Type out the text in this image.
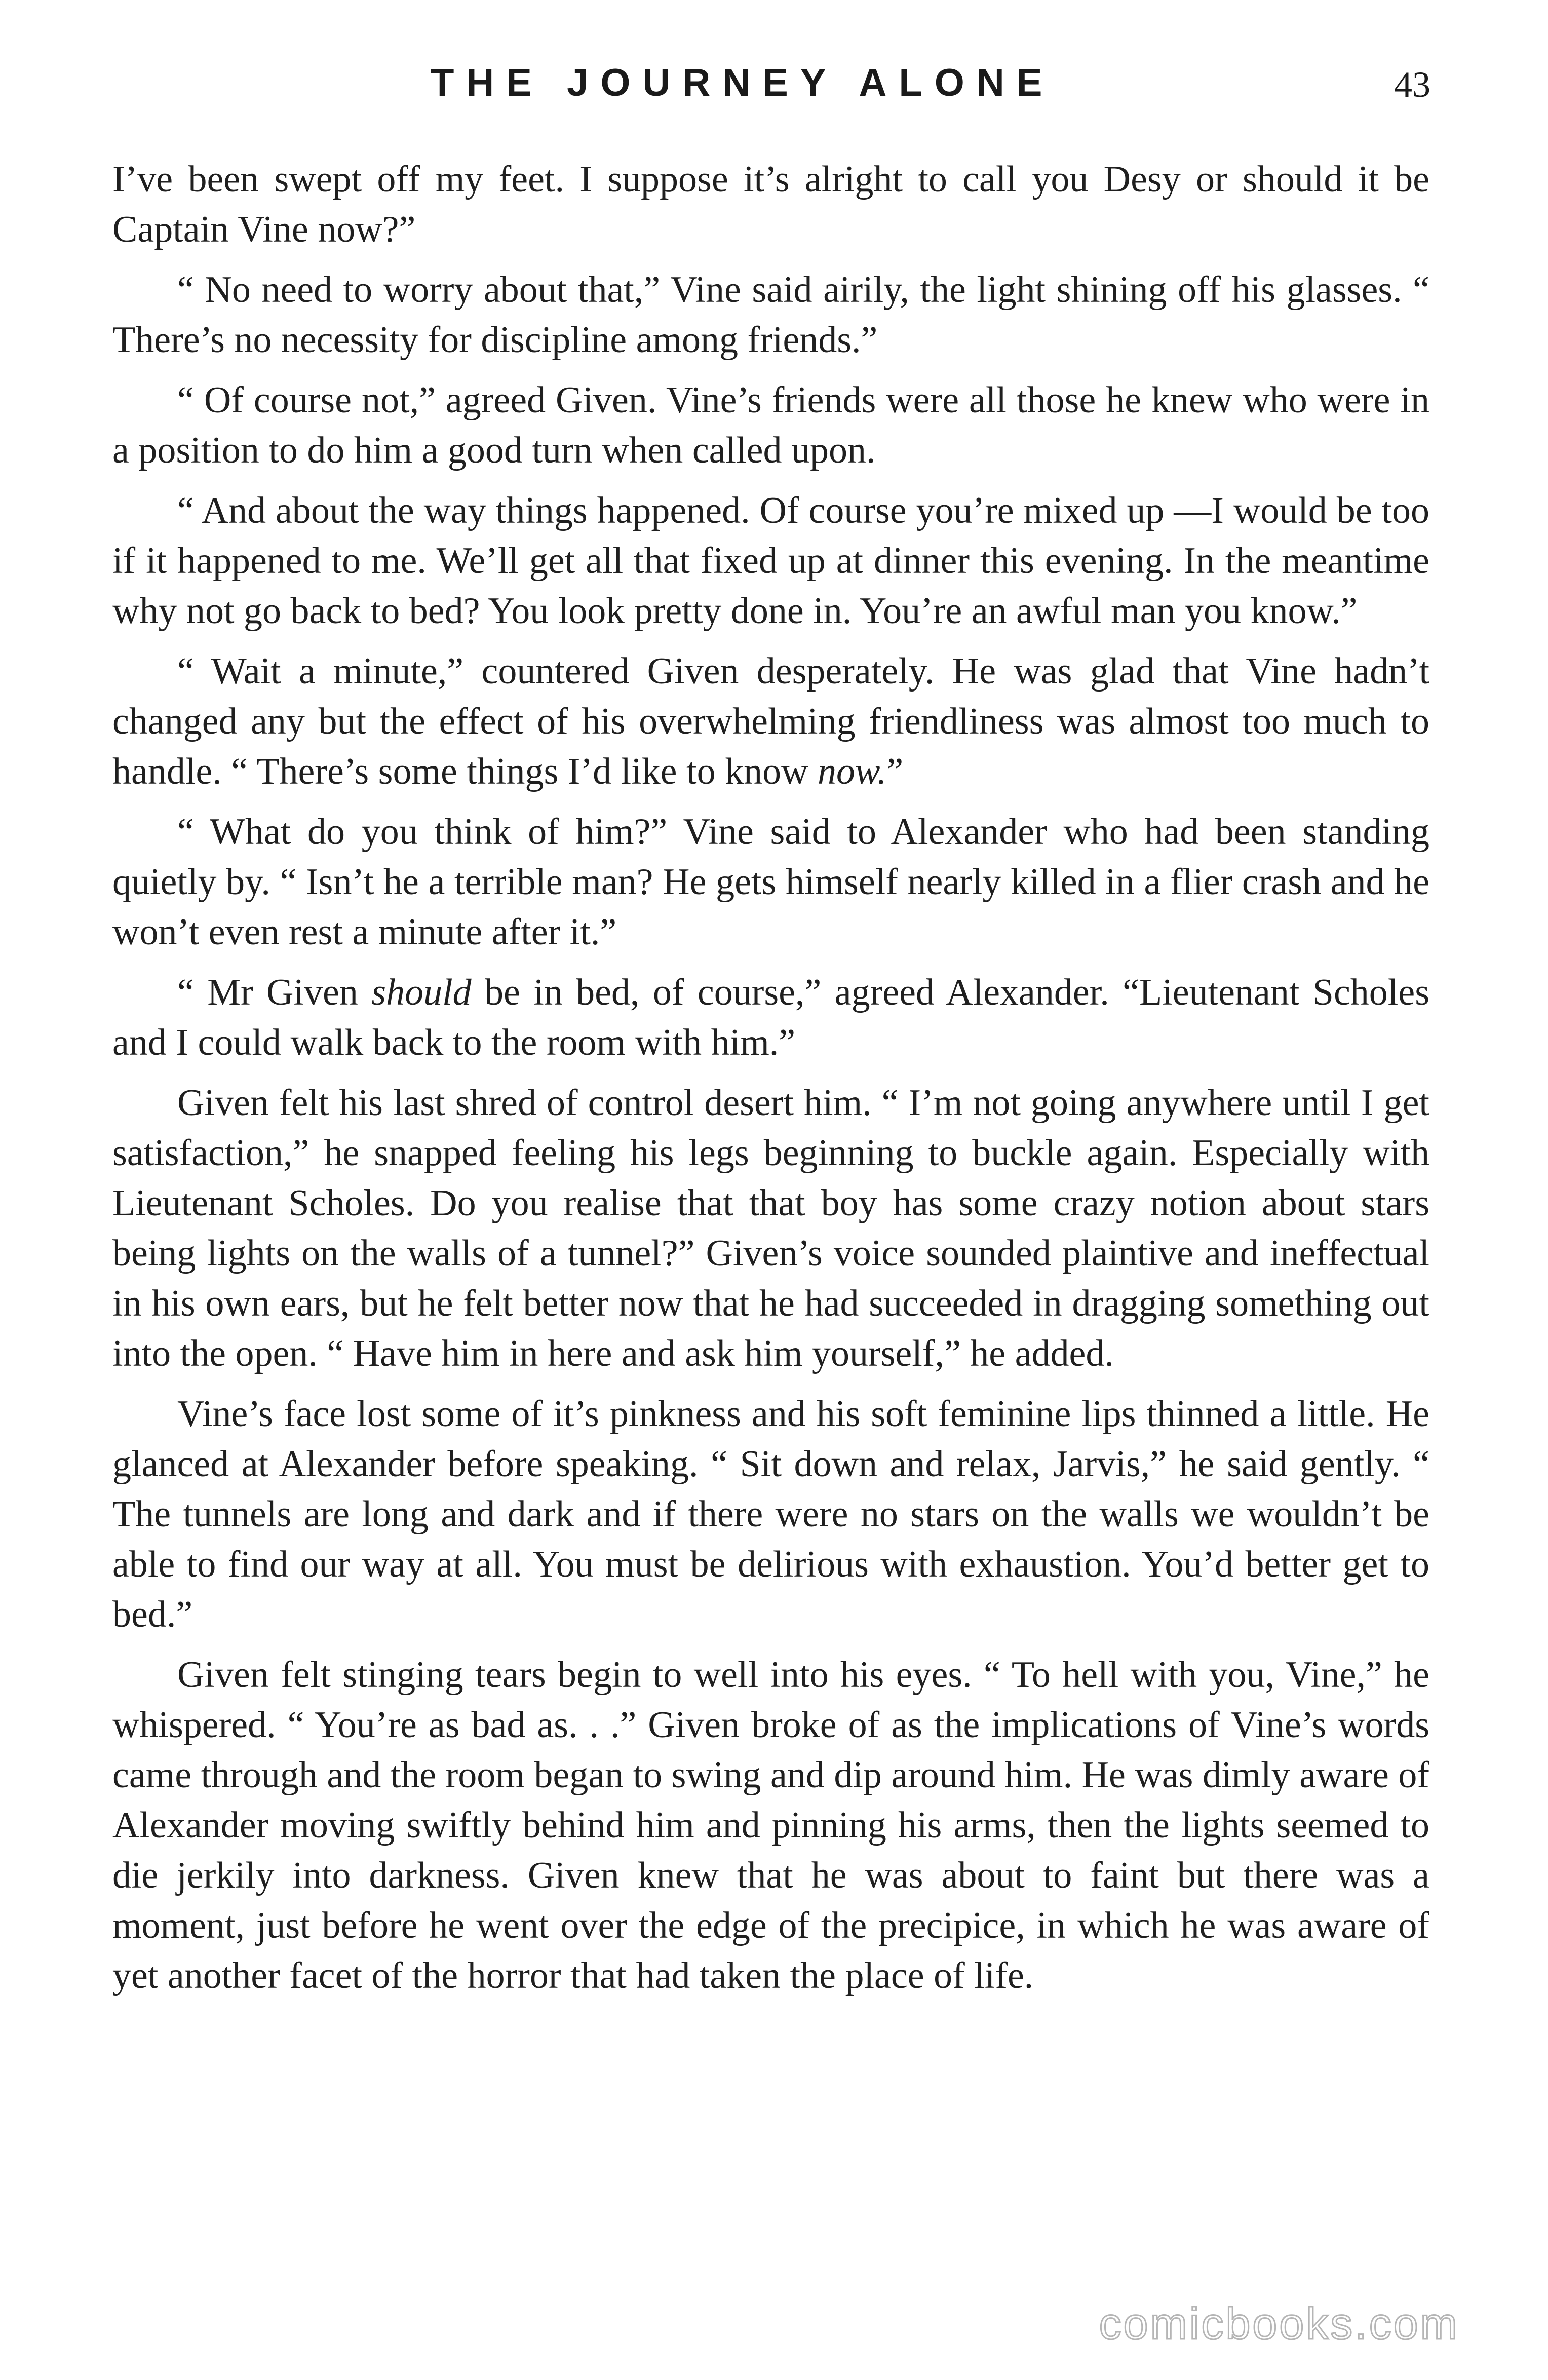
THE JOURNEY ALONE	43

I’ve been swept off my feet. I suppose it’s alright to call you Desy or should it be Captain Vine now?”

“ No need to worry about that,” Vine said airily, the light shining off his glasses. “ There’s no necessity for discipline among friends.”

“ Of course not,” agreed Given. Vine’s friends were all those he knew who were in a position to do him a good turn when called upon.

“ And about the way things happened. Of course you’re mixed up —I would be too if it happened to me. We’ll get all that fixed up at dinner this evening. In the meantime why not go back to bed? You look pretty done in. You’re an awful man you know.”

“ Wait a minute,” countered Given desperately. He was glad that Vine hadn’t changed any but the effect of his overwhelming friendliness was almost too much to handle. “ There’s some things I’d like to know now.”

“ What do you think of him?” Vine said to Alexander who had been standing quietly by. “ Isn’t he a terrible man? He gets himself nearly killed in a flier crash and he won’t even rest a minute after it.”

“ Mr Given should be in bed, of course,” agreed Alexander. “Lieutenant Scholes and I could walk back to the room with him.”

Given felt his last shred of control desert him. “ I’m not going anywhere until I get satisfaction,” he snapped feeling his legs beginning to buckle again. Especially with Lieutenant Scholes. Do you realise that that boy has some crazy notion about stars being lights on the walls of a tunnel?” Given’s voice sounded plaintive and ineffectual in his own ears, but he felt better now that he had succeeded in dragging something out into the open. “ Have him in here and ask him yourself,” he added.

Vine’s face lost some of it’s pinkness and his soft feminine lips thinned a little. He glanced at Alexander before speaking. “ Sit down and relax, Jarvis,” he said gently. “ The tunnels are long and dark and if there were no stars on the walls we wouldn’t be able to find our way at all. You must be delirious with exhaustion. You’d better get to bed.”

Given felt stinging tears begin to well into his eyes. “ To hell with you, Vine,” he whispered. “ You’re as bad as. . .” Given broke of as the implications of Vine’s words came through and the room began to swing and dip around him. He was dimly aware of Alexander moving swiftly behind him and pinning his arms, then the lights seemed to die jerkily into darkness. Given knew that he was about to faint but there was a moment, just before he went over the edge of the precipice, in which he was aware of yet another facet of the horror that had taken the place of life.

comicbooks.com
